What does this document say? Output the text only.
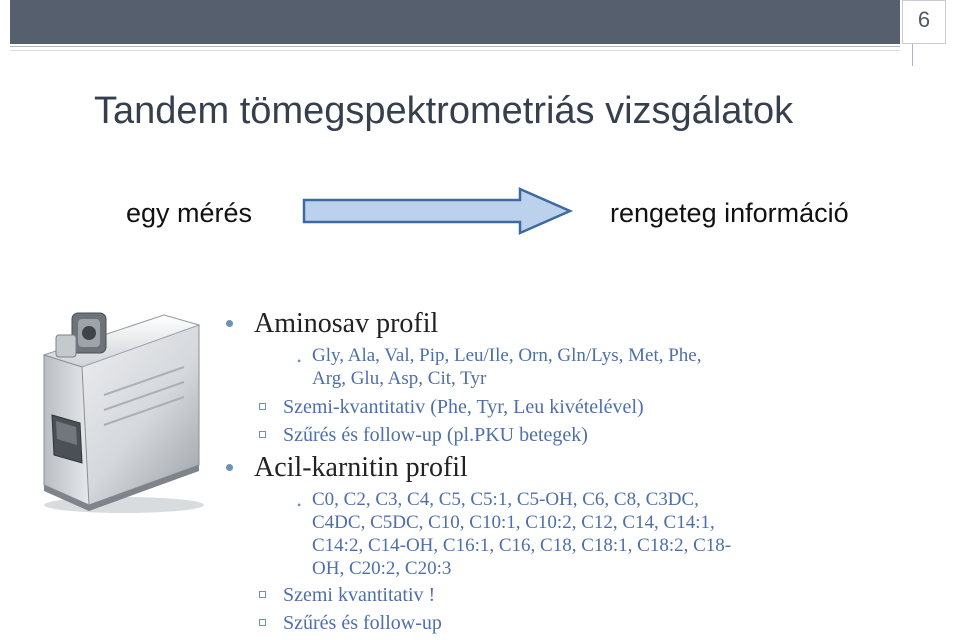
6
Tandem tömegspektrometriás vizsgálatok
egy mérés	rengeteg információ
Aminosav profil
• Gly, Ala, Val, Pip, Leu/Ile, Orn, Gln/Lys, Met, Phe,
Arg, Glu, Asp, Cit, Tyr
Szemi-kvantitativ (Phe, Tyr, Leu kivételével)
Szűrés és follow-up (pl.PKU betegek)
Acil-karnitin profil
• C0, C2, C3, C4, C5, C5:1, C5-OH, C6, C8, C3DC,
C4DC, C5DC, C10, C10:1, C10:2, C12, C14, C14:1,
C14:2, C14-OH, C16:1, C16, C18, C18:1, C18:2, C18-
OH, C20:2, C20:3
Szemi kvantitativ !
Szűrés és follow-up
